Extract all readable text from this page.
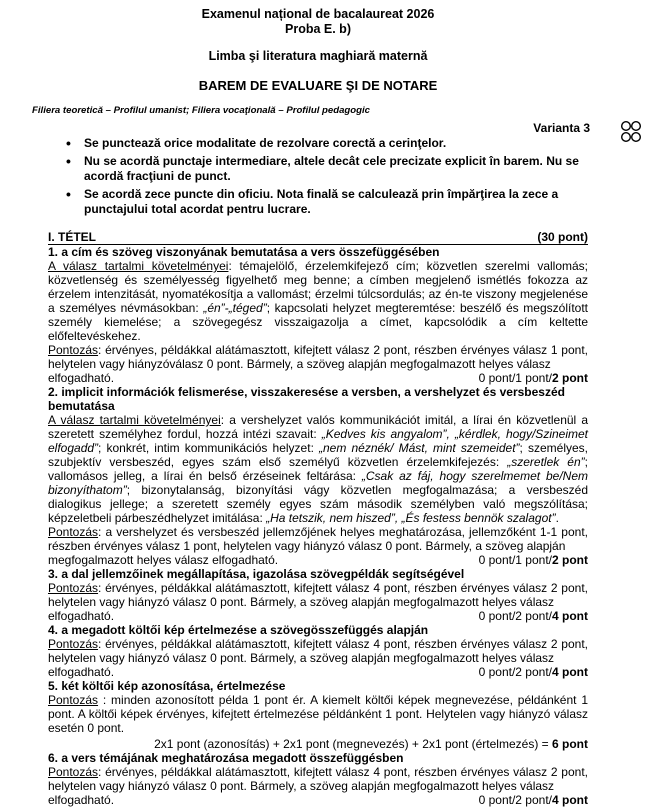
Examenul național de bacalaureat 2026
Proba E. b)
Limba şi literatura maghiară maternă
BAREM DE EVALUARE ŞI DE NOTARE
Filiera teoretică – Profilul umanist; Filiera vocaţională – Profilul pedagogic
Varianta 3
• Se punctează orice modalitate de rezolvare corectă a cerinţelor.
• Nu se acordă punctaje intermediare, altele decât cele precizate explicit în barem. Nu se acordă fracţiuni de punct.
• Se acordă zece puncte din oficiu. Nota finală se calculează prin împărţirea la zece a punctajului total acordat pentru lucrare.
I. TÉTEL	(30 pont)
1. a cím és szöveg viszonyának bemutatása a vers összefüggésében

A válasz tartalmi követelményei: témajelölő, érzelemkifejező cím; közvetlen szerelmi vallomás; közvetlenség és személyesség figyelhető meg benne; a címben megjelenő ismétlés fokozza az érzelem intenzitását, nyomatékosítja a vallomást; érzelmi túlcsordulás; az én-te viszony megjelenése a személyes névmásokban: „én”-„téged”; kapcsolati helyzet megteremtése: beszélő és megszólított személy kiemelése; a szövegegész visszaigazolja a címet, kapcsolódik a cím keltette előfeltevéskehez.

Pontozás: érvényes, példákkal alátámasztott, kifejtett válasz 2 pont, részben érvényes válasz 1 pont, helytelen vagy hiányzóválasz 0 pont. Bármely, a szöveg alapján megfogalmazott helyes válasz

elfogadható.	0 pont/1 pont/2 pont
2. implicit információk felismerése, visszakeresése a versben, a vershelyzet és versbeszéd bemutatása

A válasz tartalmi követelményei: a vershelyzet valós kommunikációt imitál, a lírai én közvetlenül a szeretett személyhez fordul, hozzá intézi szavait: „Kedves kis angyalom”, „kérdlek, hogy/Szineimet elfogadd”; konkrét, intim kommunikációs helyzet: „nem néznék/ Mást, mint szemeidet”; személyes, szubjektív versbeszéd, egyes szám első személyű közvetlen érzelemkifejezés: „szeretlek én”; vallomásos jelleg, a lírai én belső érzéseinek feltárása: „Csak az fáj, hogy szerelmemet be/Nem bizonyíthatom”; bizonytalanság, bizonyítási vágy közvetlen megfogalmazása; a versbeszéd dialogikus jellege; a szeretett személy egyes szám második személyben való megszólítása; képzeletbeli párbeszédhelyzet imitálása: „Ha tetszik, nem hiszed”, „És festess bennök szalagot”.

Pontozás: a vershelyzet és versbeszéd jellemzőjének helyes meghatározása, jellemzőként 1-1 pont, részben érvényes válasz 1 pont, helytelen vagy hiányzó válasz 0 pont. Bármely, a szöveg alapján

megfogalmazott helyes válasz elfogadható.	0 pont/1 pont/2 pont
3. a dal jellemzőinek megállapítása, igazolása szövegpéldák segítségével

Pontozás: érvényes, példákkal alátámasztott, kifejtett válasz 4 pont, részben érvényes válasz 2 pont, helytelen vagy hiányzó válasz 0 pont. Bármely, a szöveg alapján megfogalmazott helyes válasz

elfogadható.	0 pont/2 pont/4 pont
4. a megadott költői kép értelmezése a szövegösszefüggés alapján

Pontozás: érvényes, példákkal alátámasztott, kifejtett válasz 4 pont, részben érvényes válasz 2 pont, helytelen vagy hiányzó válasz 0 pont. Bármely, a szöveg alapján megfogalmazott helyes válasz

elfogadható.	0 pont/2 pont/4 pont
5. két költői kép azonosítása, értelmezése

Pontozás : minden azonosított példa 1 pont ér. A kiemelt költői képek megnevezése, példánként 1 pont. A költői képek érvényes, kifejtett értelmezése példánként 1 pont. Helytelen vagy hiányzó válasz esetén 0 pont.

2x1 pont (azonosítás) + 2x1 pont (megnevezés) + 2x1 pont (értelmezés) = 6 pont
6. a vers témájának meghatározása megadott összefüggésben

Pontozás: érvényes, példákkal alátámasztott, kifejtett válasz 4 pont, részben érvényes válasz 2 pont, helytelen vagy hiányzó válasz 0 pont. Bármely, a szöveg alapján megfogalmazott helyes válasz

elfogadható.	0 pont/2 pont/4 pont
